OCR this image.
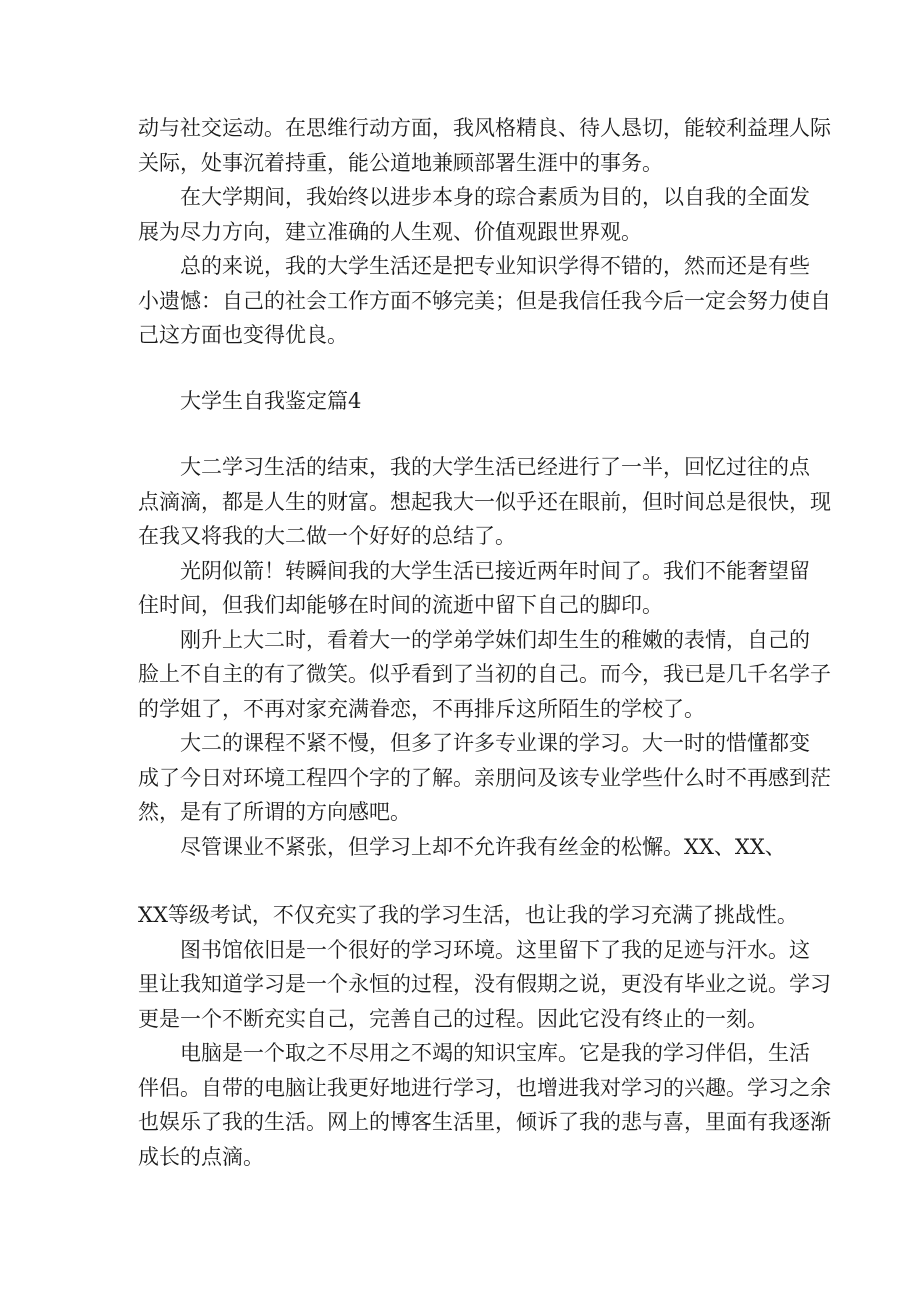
动与社交运动。在思维行动方面，我风格精良、待人恳切，能较利益理人际
关际，处事沉着持重，能公道地兼顾部署生涯中的事务。
在大学期间，我始终以进步本身的琮合素质为目的，以自我的全面发
展为尽力方向，建立准确的人生观、价值观跟世界观。
总的来说，我的大学生活还是把专业知识学得不错的，然而还是有些
小遗憾：自己的社会工作方面不够完美；但是我信任我今后一定会努力使自
己这方面也变得优良。
大学生自我鉴定篇4
大二学习生活的结束，我的大学生活已经进行了一半，回忆过往的点
点滴滴，都是人生的财富。想起我大一似乎还在眼前，但时间总是很快，现
在我又将我的大二做一个好好的总结了。
光阴似箭！转瞬间我的大学生活已接近两年时间了。我们不能奢望留
住时间，但我们却能够在时间的流逝中留下自己的脚印。
刚升上大二时，看着大一的学弟学妹们却生生的稚嫩的表情，自己的
脸上不自主的有了微笑。似乎看到了当初的自己。而今，我已是几千名学子
的学姐了，不再对家充满眷恋，不再排斥这所陌生的学校了。
大二的课程不紧不慢，但多了许多专业课的学习。大一时的惜懂都变
成了今日对环境工程四个字的了解。亲朋问及该专业学些什么时不再感到茫
然，是有了所谓的方向感吧。
尽管课业不紧张，但学习上却不允许我有丝金的松懈。XX、XX、
XX等级考试，不仅充实了我的学习生活，也让我的学习充满了挑战性。
图书馆依旧是一个很好的学习环境。这里留下了我的足迹与汗水。这
里让我知道学习是一个永恒的过程，没有假期之说，更没有毕业之说。学习
更是一个不断充实自己，完善自己的过程。因此它没有终止的一刻。
电脑是一个取之不尽用之不竭的知识宝库。它是我的学习伴侣，生活
伴侣。自带的电脑让我更好地进行学习，也增进我对学习的兴趣。学习之余
也娱乐了我的生活。网上的博客生活里，倾诉了我的悲与喜，里面有我逐渐
成长的点滴。
